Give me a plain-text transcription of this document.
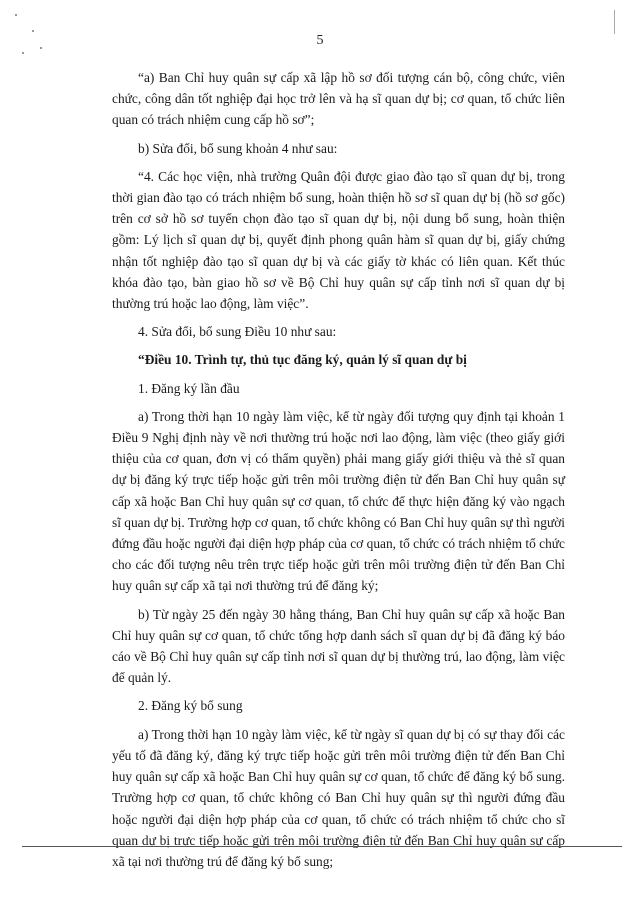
5

“a) Ban Chỉ huy quân sự cấp xã lập hồ sơ đối tượng cán bộ, công chức, viên chức, công dân tốt nghiệp đại học trở lên và hạ sĩ quan dự bị; cơ quan, tổ chức liên quan có trách nhiệm cung cấp hồ sơ”;

b) Sửa đổi, bổ sung khoản 4 như sau:

“4. Các học viện, nhà trường Quân đội được giao đào tạo sĩ quan dự bị, trong thời gian đào tạo có trách nhiệm bổ sung, hoàn thiện hồ sơ sĩ quan dự bị (hồ sơ gốc) trên cơ sở hồ sơ tuyển chọn đào tạo sĩ quan dự bị, nội dung bổ sung, hoàn thiện gồm: Lý lịch sĩ quan dự bị, quyết định phong quân hàm sĩ quan dự bị, giấy chứng nhận tốt nghiệp đào tạo sĩ quan dự bị và các giấy tờ khác có liên quan. Kết thúc khóa đào tạo, bàn giao hồ sơ về Bộ Chỉ huy quân sự cấp tỉnh nơi sĩ quan dự bị thường trú hoặc lao động, làm việc”.

4. Sửa đổi, bổ sung Điều 10 như sau:

“Điều 10. Trình tự, thủ tục đăng ký, quản lý sĩ quan dự bị

1. Đăng ký lần đầu

a) Trong thời hạn 10 ngày làm việc, kể từ ngày đối tượng quy định tại khoản 1 Điều 9 Nghị định này về nơi thường trú hoặc nơi lao động, làm việc (theo giấy giới thiệu của cơ quan, đơn vị có thẩm quyền) phải mang giấy giới thiệu và thẻ sĩ quan dự bị đăng ký trực tiếp hoặc gửi trên môi trường điện tử đến Ban Chỉ huy quân sự cấp xã hoặc Ban Chỉ huy quân sự cơ quan, tổ chức để thực hiện đăng ký vào ngạch sĩ quan dự bị. Trường hợp cơ quan, tổ chức không có Ban Chỉ huy quân sự thì người đứng đầu hoặc người đại diện hợp pháp của cơ quan, tổ chức có trách nhiệm tổ chức cho các đối tượng nêu trên trực tiếp hoặc gửi trên môi trường điện tử đến Ban Chỉ huy quân sự cấp xã tại nơi thường trú để đăng ký;

b) Từ ngày 25 đến ngày 30 hằng tháng, Ban Chỉ huy quân sự cấp xã hoặc Ban Chỉ huy quân sự cơ quan, tổ chức tổng hợp danh sách sĩ quan dự bị đã đăng ký báo cáo về Bộ Chỉ huy quân sự cấp tỉnh nơi sĩ quan dự bị thường trú, lao động, làm việc để quản lý.

2. Đăng ký bổ sung

a) Trong thời hạn 10 ngày làm việc, kể từ ngày sĩ quan dự bị có sự thay đổi các yếu tố đã đăng ký, đăng ký trực tiếp hoặc gửi trên môi trường điện tử đến Ban Chỉ huy quân sự cấp xã hoặc Ban Chỉ huy quân sự cơ quan, tổ chức để đăng ký bổ sung. Trường hợp cơ quan, tổ chức không có Ban Chỉ huy quân sự thì người đứng đầu hoặc người đại diện hợp pháp của cơ quan, tổ chức có trách nhiệm tổ chức cho sĩ quan dự bị trực tiếp hoặc gửi trên môi trường điện tử đến Ban Chỉ huy quân sự cấp xã tại nơi thường trú để đăng ký bổ sung;
